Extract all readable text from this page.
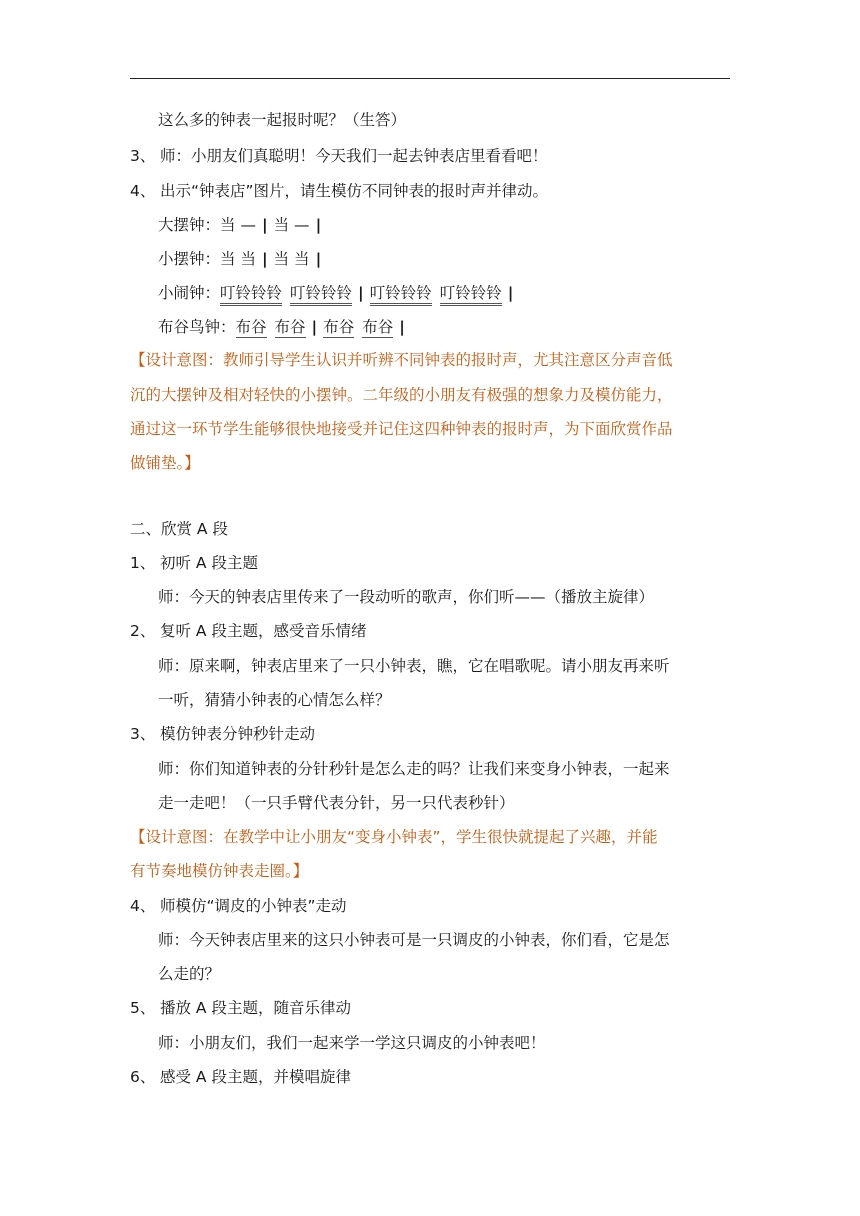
这么多的钟表一起报时呢？（生答）
3、 师：小朋友们真聪明！今天我们一起去钟表店里看看吧！
4、 出示“钟表店”图片，请生模仿不同钟表的报时声并律动。
大摆钟：当 — | 当 — |
小摆钟：当 当 | 当 当 |
小闹钟：叮铃铃铃 叮铃铃铃 | 叮铃铃铃 叮铃铃铃 |
布谷鸟钟：布谷 布谷 | 布谷 布谷 |
【设计意图：教师引导学生认识并听辨不同钟表的报时声，尤其注意区分声音低
沉的大摆钟及相对轻快的小摆钟。二年级的小朋友有极强的想象力及模仿能力，
通过这一环节学生能够很快地接受并记住这四种钟表的报时声，为下面欣赏作品
做铺垫。】
二、欣赏 A 段
1、 初听 A 段主题
师：今天的钟表店里传来了一段动听的歌声，你们听——（播放主旋律）
2、 复听 A 段主题，感受音乐情绪
师：原来啊，钟表店里来了一只小钟表，瞧，它在唱歌呢。请小朋友再来听
一听，猜猜小钟表的心情怎么样？
3、 模仿钟表分钟秒针走动
师：你们知道钟表的分针秒针是怎么走的吗？让我们来变身小钟表，一起来
走一走吧！（一只手臂代表分针，另一只代表秒针）
【设计意图：在教学中让小朋友“变身小钟表”，学生很快就提起了兴趣，并能
有节奏地模仿钟表走圈。】
4、 师模仿“调皮的小钟表”走动
师：今天钟表店里来的这只小钟表可是一只调皮的小钟表，你们看，它是怎
么走的？
5、 播放 A 段主题，随音乐律动
师：小朋友们，我们一起来学一学这只调皮的小钟表吧！
6、 感受 A 段主题，并模唱旋律
